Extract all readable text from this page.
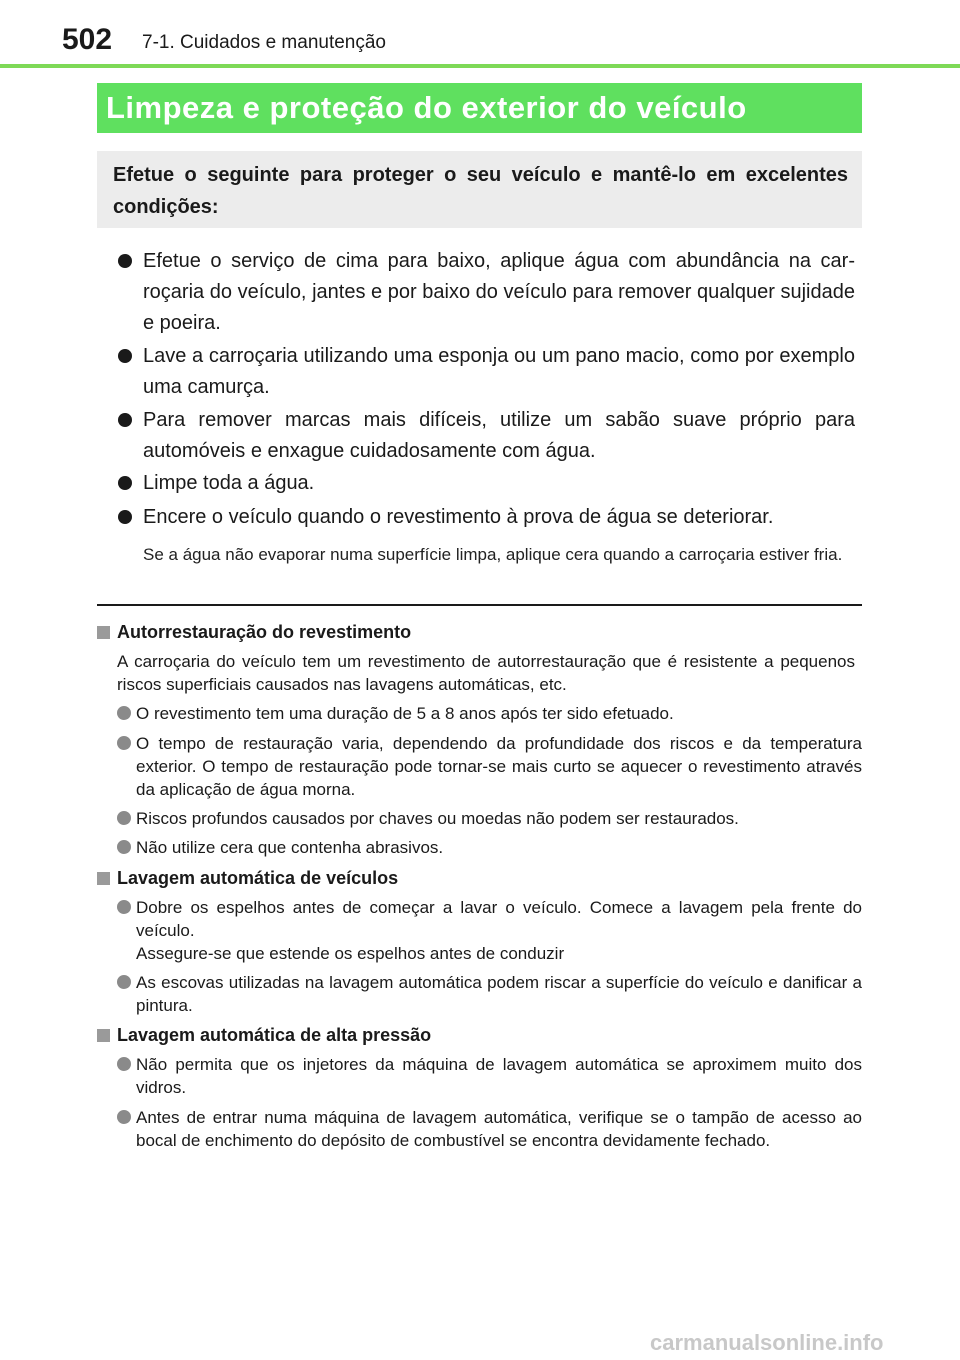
502 7-1. Cuidados e manutenção
Limpeza e proteção do exterior do veículo

Efetue o seguinte para proteger o seu veículo e mantê-lo em excelentes condições:

Efetue o serviço de cima para baixo, aplique água com abundância na carroçaria do veículo, jantes e por baixo do veículo para remover qualquer sujidade e poeira.
Lave a carroçaria utilizando uma esponja ou um pano macio, como por exemplo uma camurça.
Para remover marcas mais difíceis, utilize um sabão suave próprio para automóveis e enxague cuidadosamente com água.
Limpe toda a água.
Encere o veículo quando o revestimento à prova de água se deteriorar.
Se a água não evaporar numa superfície limpa, aplique cera quando a carroçaria estiver fria.
Autorrestauração do revestimento
A carroçaria do veículo tem um revestimento de autorrestauração que é resistente a pequenos riscos superficiais causados nas lavagens automáticas, etc.
O revestimento tem uma duração de 5 a 8 anos após ter sido efetuado.
O tempo de restauração varia, dependendo da profundidade dos riscos e da temperatura exterior. O tempo de restauração pode tornar-se mais curto se aquecer o revestimento através da aplicação de água morna.
Riscos profundos causados por chaves ou moedas não podem ser restaurados.
Não utilize cera que contenha abrasivos.
Lavagem automática de veículos
Dobre os espelhos antes de começar a lavar o veículo. Comece a lavagem pela frente do veículo.
Assegure-se que estende os espelhos antes de conduzir
As escovas utilizadas na lavagem automática podem riscar a superfície do veículo e danificar a pintura.
Lavagem automática de alta pressão
Não permita que os injetores da máquina de lavagem automática se aproximem muito dos vidros.
Antes de entrar numa máquina de lavagem automática, verifique se o tampão de acesso ao bocal de enchimento do depósito de combustível se encontra devidamente fechado.
carmanualsonline.info
